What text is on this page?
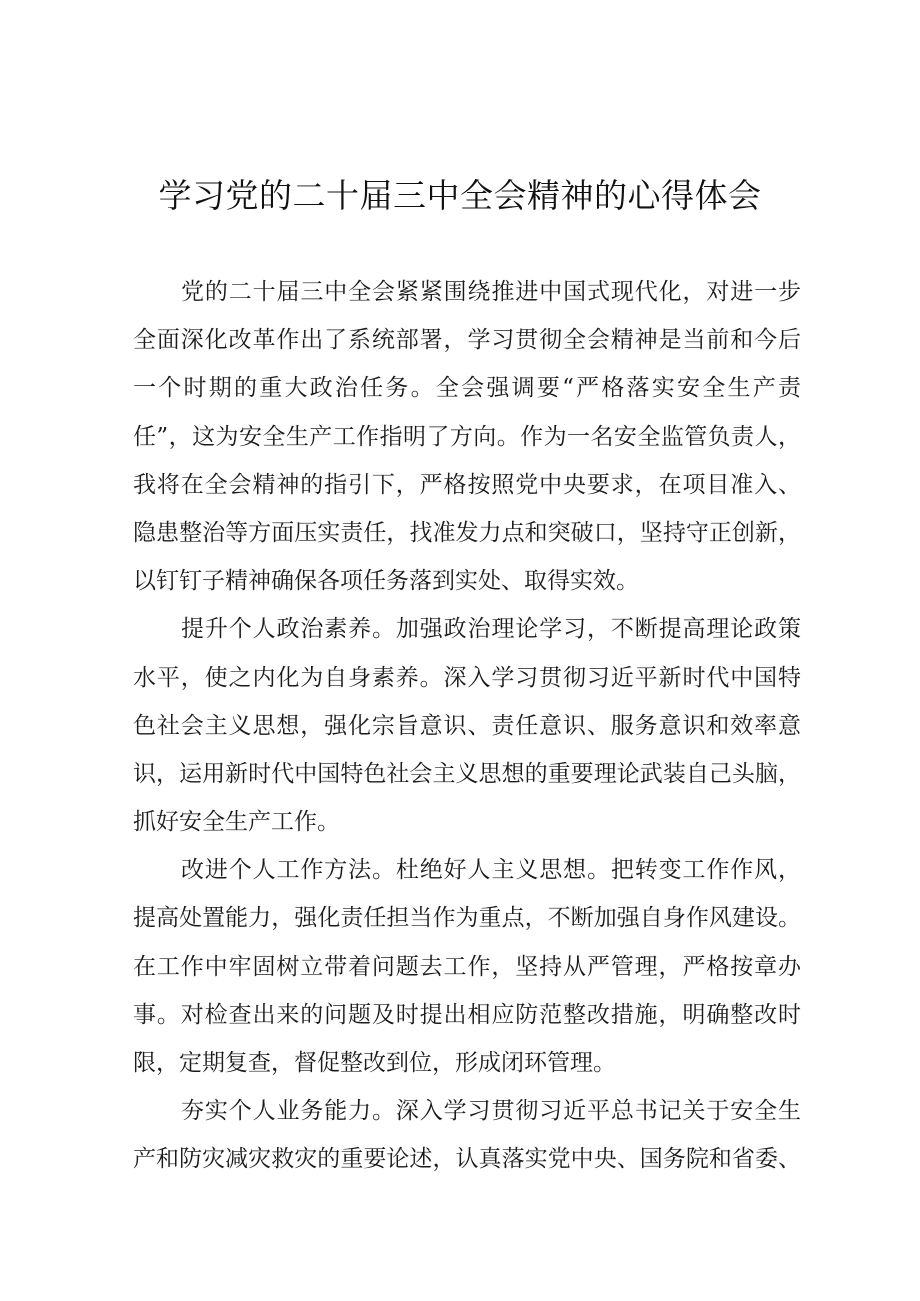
学习党的二十届三中全会精神的心得体会
党的二十届三中全会紧紧围绕推进中国式现代化，对进一步
全面深化改革作出了系统部署，学习贯彻全会精神是当前和今后
一个时期的重大政治任务。全会强调要“严格落实安全生产责
任”，这为安全生产工作指明了方向。作为一名安全监管负责人，
我将在全会精神的指引下，严格按照党中央要求，在项目准入、
隐患整治等方面压实责任，找准发力点和突破口，坚持守正创新，
以钉钉子精神确保各项任务落到实处、取得实效。
提升个人政治素养。加强政治理论学习，不断提高理论政策
水平，使之内化为自身素养。深入学习贯彻习近平新时代中国特
色社会主义思想，强化宗旨意识、责任意识、服务意识和效率意
识，运用新时代中国特色社会主义思想的重要理论武装自己头脑，
抓好安全生产工作。
改进个人工作方法。杜绝好人主义思想。把转变工作作风，
提高处置能力，强化责任担当作为重点，不断加强自身作风建设。
在工作中牢固树立带着问题去工作，坚持从严管理，严格按章办
事。对检查出来的问题及时提出相应防范整改措施，明确整改时
限，定期复查，督促整改到位，形成闭环管理。
夯实个人业务能力。深入学习贯彻习近平总书记关于安全生
产和防灾减灾救灾的重要论述，认真落实党中央、国务院和省委、
